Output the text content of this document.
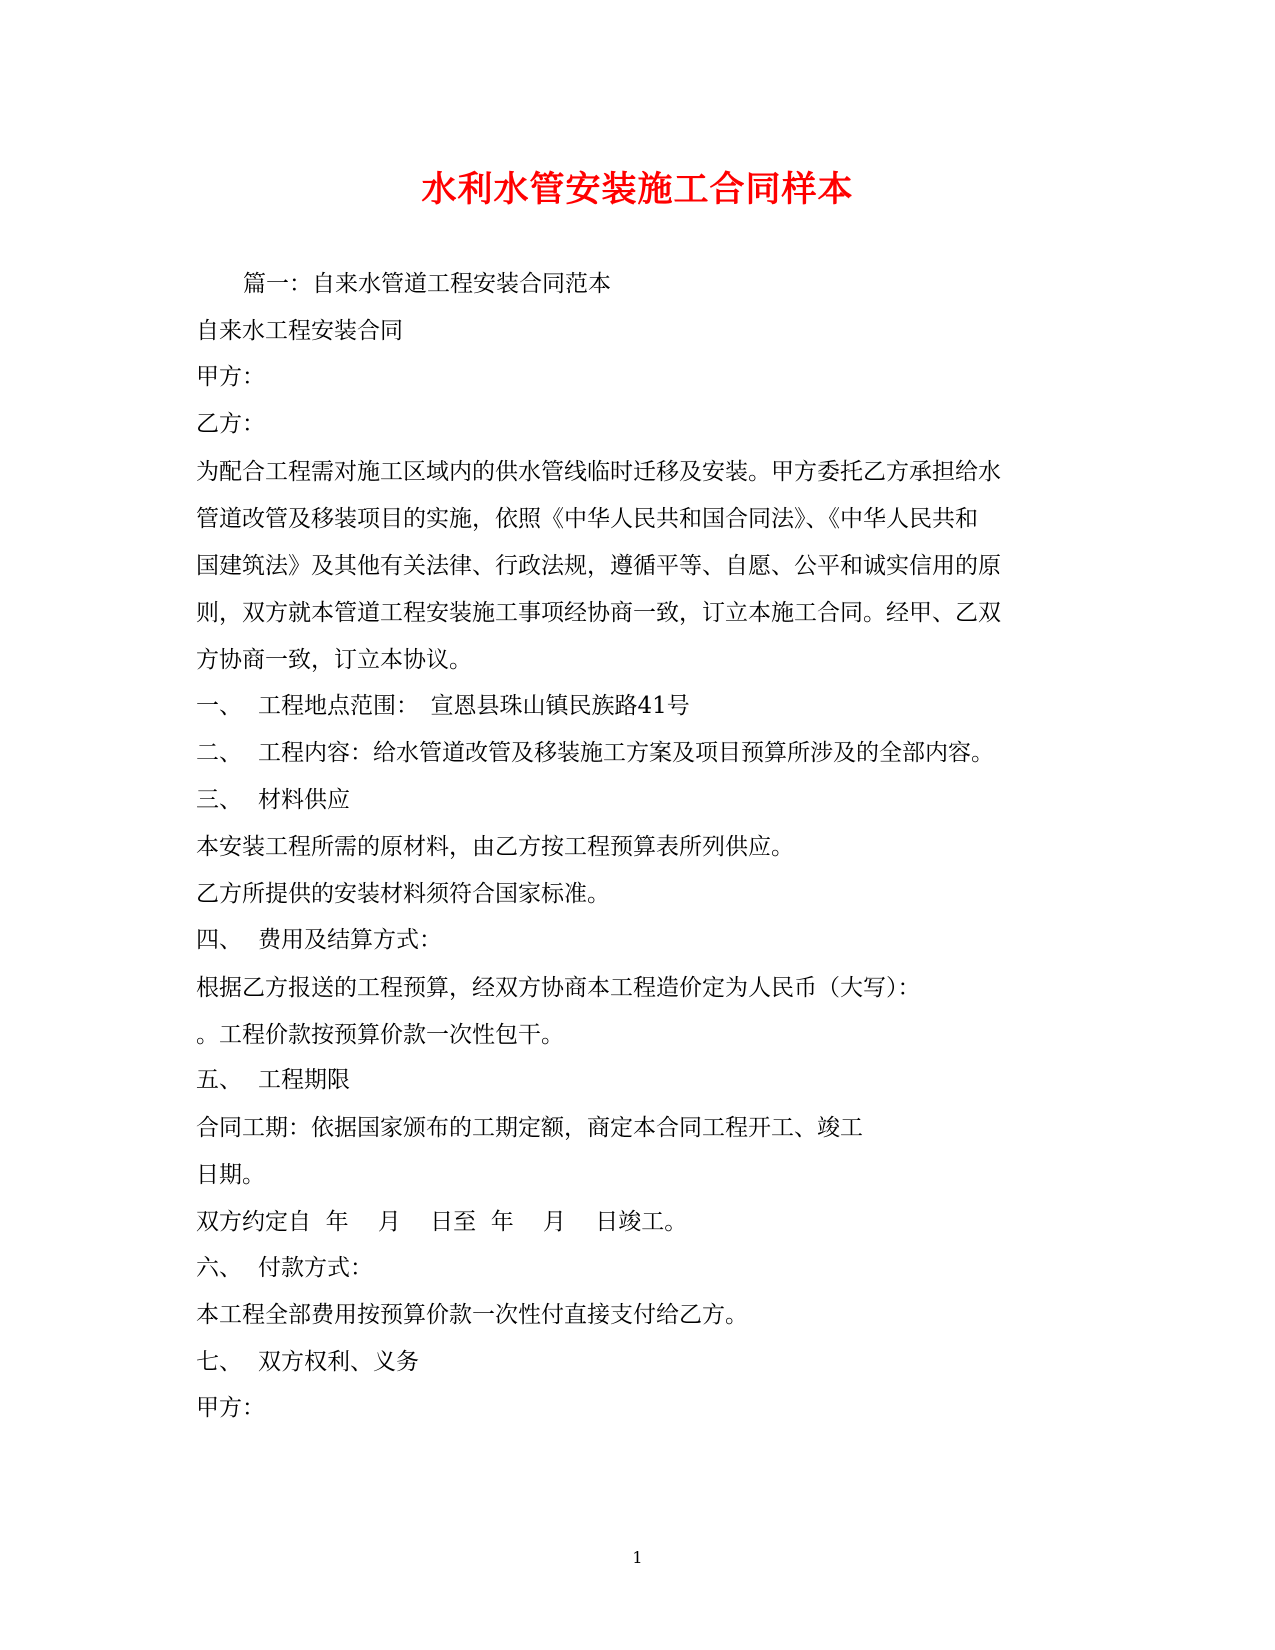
水利水管安装施工合同样本

篇一：自来水管道工程安装合同范本

自来水工程安装合同

甲方：

乙方：

为配合工程需对施工区域内的供水管线临时迁移及安装。甲方委托乙方承担给水

管道改管及移装项目的实施，依照《中华人民共和国合同法》、《中华人民共和

国建筑法》及其他有关法律、行政法规，遵循平等、自愿、公平和诚实信用的原

则，双方就本管道工程安装施工事项经协商一致，订立本施工合同。经甲、乙双

方协商一致，订立本协议。

一、 工程地点范围：　宣恩县珠山镇民族路41号

二、 工程内容：给水管道改管及移装施工方案及项目预算所涉及的全部内容。

三、 材料供应

本安装工程所需的原材料，由乙方按工程预算表所列供应。

乙方所提供的安装材料须符合国家标准。

四、 费用及结算方式：

根据乙方报送的工程预算，经双方协商本工程造价定为人民币（大写）：

。工程价款按预算价款一次性包干。

五、 工程期限

合同工期：依据国家颁布的工期定额，商定本合同工程开工、竣工

日期。

双方约定自  年    月    日至  年    月    日竣工。

六、 付款方式：

本工程全部费用按预算价款一次性付直接支付给乙方。

七、 双方权利、义务

甲方：

1
